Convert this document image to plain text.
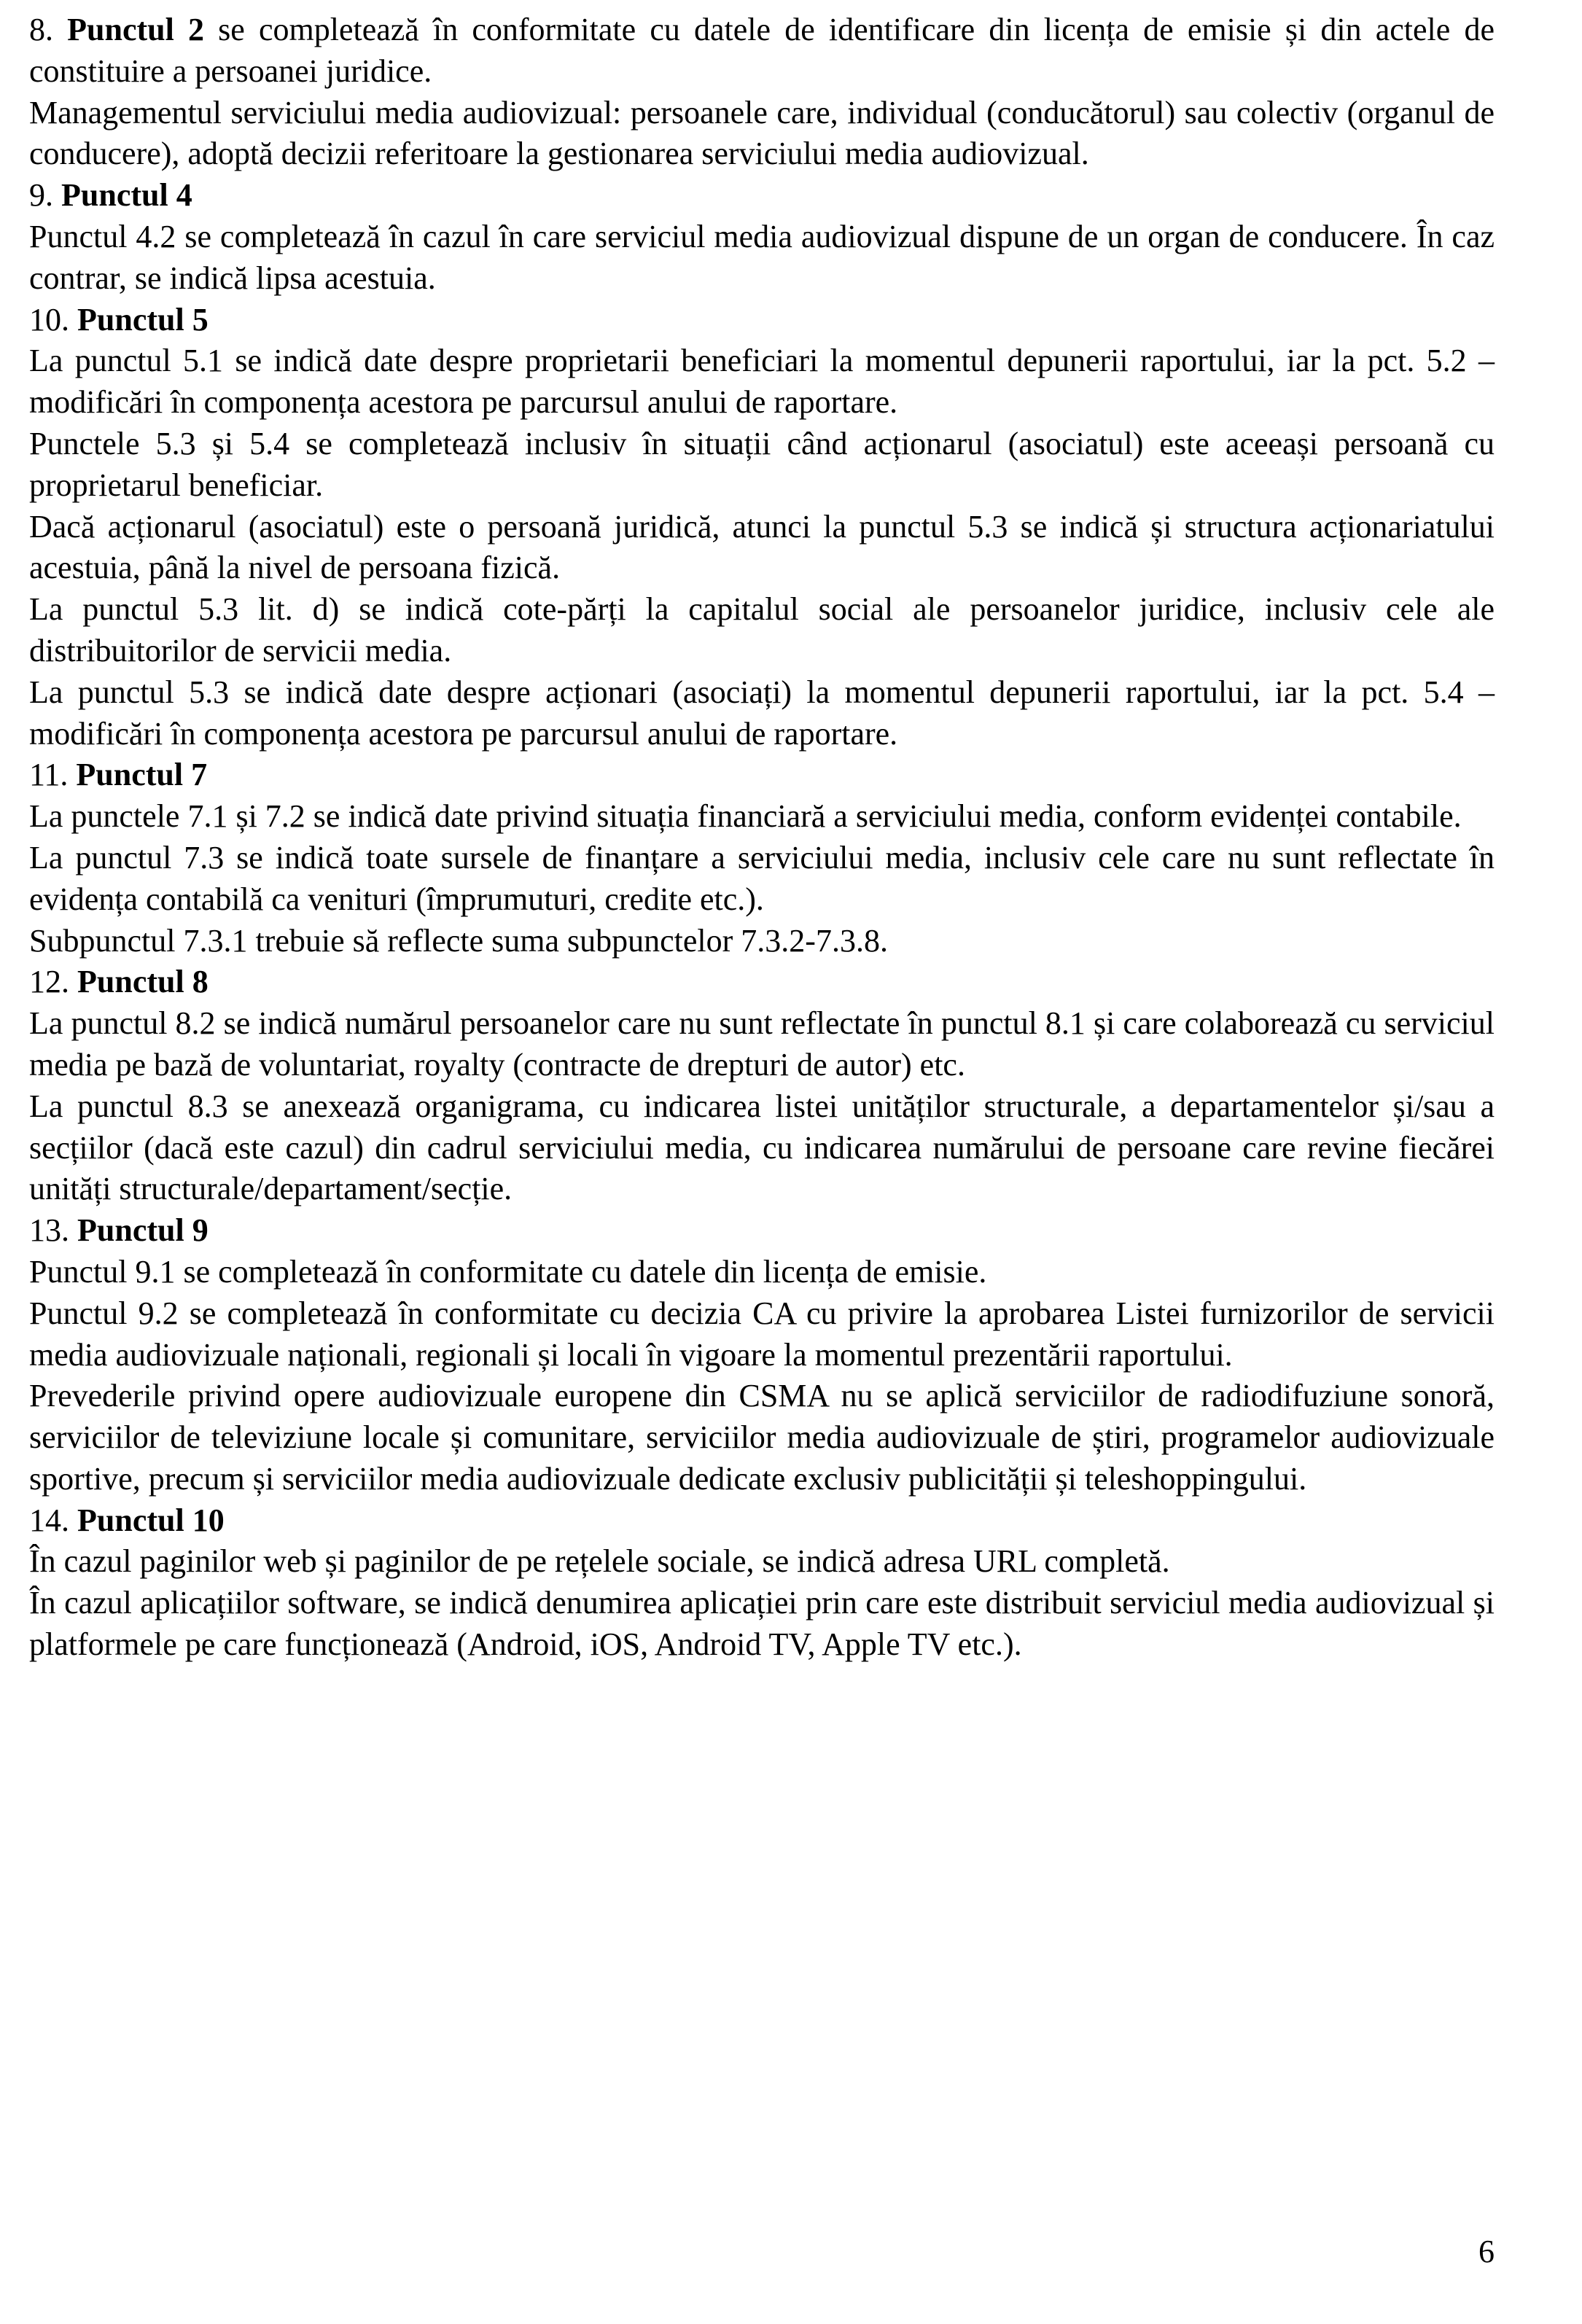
8. Punctul 2 se completează în conformitate cu datele de identificare din licența de emisie și din actele de constituire a persoanei juridice.

Managementul serviciului media audiovizual: persoanele care, individual (conducătorul) sau colectiv (organul de conducere), adoptă decizii referitoare la gestionarea serviciului media audiovizual.

9. Punctul 4

Punctul 4.2 se completează în cazul în care serviciul media audiovizual dispune de un organ de conducere. În caz contrar, se indică lipsa acestuia.

10. Punctul 5

La punctul 5.1 se indică date despre proprietarii beneficiari la momentul depunerii raportului, iar la pct. 5.2 – modificări în componența acestora pe parcursul anului de raportare.

Punctele 5.3 și 5.4 se completează inclusiv în situații când acționarul (asociatul) este aceeași persoană cu proprietarul beneficiar.

Dacă acționarul (asociatul) este o persoană juridică, atunci la punctul 5.3 se indică și structura acționariatului acestuia, până la nivel de persoana fizică.

La punctul 5.3 lit. d) se indică cote-părți la capitalul social ale persoanelor juridice, inclusiv cele ale distribuitorilor de servicii media.

La punctul 5.3 se indică date despre acționari (asociați) la momentul depunerii raportului, iar la pct. 5.4 – modificări în componența acestora pe parcursul anului de raportare.

11. Punctul 7

La punctele 7.1 și 7.2 se indică date privind situația financiară a serviciului media, conform evidenței contabile.

La punctul 7.3 se indică toate sursele de finanțare a serviciului media, inclusiv cele care nu sunt reflectate în evidența contabilă ca venituri (împrumuturi, credite etc.).

Subpunctul 7.3.1 trebuie să reflecte suma subpunctelor 7.3.2-7.3.8.

12. Punctul 8

La punctul 8.2 se indică numărul persoanelor care nu sunt reflectate în punctul 8.1 și care colaborează cu serviciul media pe bază de voluntariat, royalty (contracte de drepturi de autor) etc.

La punctul 8.3 se anexează organigrama, cu indicarea listei unităților structurale, a departamentelor și/sau a secțiilor (dacă este cazul) din cadrul serviciului media, cu indicarea numărului de persoane care revine fiecărei unități structurale/departament/secție.

13. Punctul 9

Punctul 9.1 se completează în conformitate cu datele din licența de emisie.

Punctul 9.2 se completează în conformitate cu decizia CA cu privire la aprobarea Listei furnizorilor de servicii media audiovizuale naționali, regionali și locali în vigoare la momentul prezentării raportului.

Prevederile privind opere audiovizuale europene din CSMA nu se aplică serviciilor de radiodifuziune sonoră, serviciilor de televiziune locale și comunitare, serviciilor media audiovizuale de știri, programelor audiovizuale sportive, precum și serviciilor media audiovizuale dedicate exclusiv publicității și teleshoppingului.

14. Punctul 10

În cazul paginilor web și paginilor de pe rețelele sociale, se indică adresa URL completă.

În cazul aplicațiilor software, se indică denumirea aplicației prin care este distribuit serviciul media audiovizual și platformele pe care funcționează (Android, iOS, Android TV, Apple TV etc.).

6
